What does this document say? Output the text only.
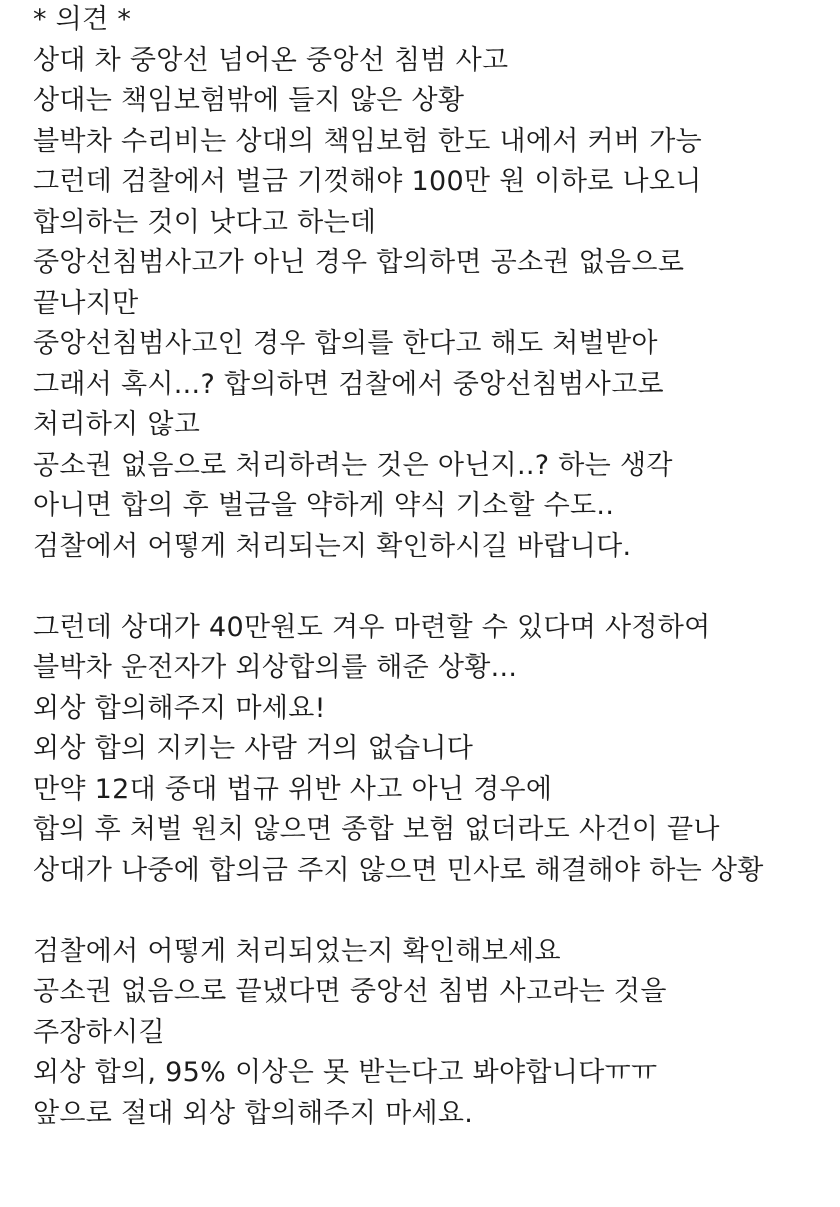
* 의견 *
상대 차 중앙선 넘어온 중앙선 침범 사고
상대는 책임보험밖에 들지 않은 상황
블박차 수리비는 상대의 책임보험 한도 내에서 커버 가능
그런데 검찰에서 벌금 기껏해야 100만 원 이하로 나오니
합의하는 것이 낫다고 하는데
중앙선침범사고가 아닌 경우 합의하면 공소권 없음으로
끝나지만
중앙선침범사고인 경우 합의를 한다고 해도 처벌받아
그래서 혹시...? 합의하면 검찰에서 중앙선침범사고로
처리하지 않고
공소권 없음으로 처리하려는 것은 아닌지..? 하는 생각
아니면 합의 후 벌금을 약하게 약식 기소할 수도..
검찰에서 어떻게 처리되는지 확인하시길 바랍니다.
그런데 상대가 40만원도 겨우 마련할 수 있다며 사정하여
블박차 운전자가 외상합의를 해준 상황...
외상 합의해주지 마세요!
외상 합의 지키는 사람 거의 없습니다
만약 12대 중대 법규 위반 사고 아닌 경우에
합의 후 처벌 원치 않으면 종합 보험 없더라도 사건이 끝나
상대가 나중에 합의금 주지 않으면 민사로 해결해야 하는 상황
검찰에서 어떻게 처리되었는지 확인해보세요
공소권 없음으로 끝냈다면 중앙선 침범 사고라는 것을
주장하시길
외상 합의, 95% 이상은 못 받는다고 봐야합니다ㅠㅠ
앞으로 절대 외상 합의해주지 마세요.
